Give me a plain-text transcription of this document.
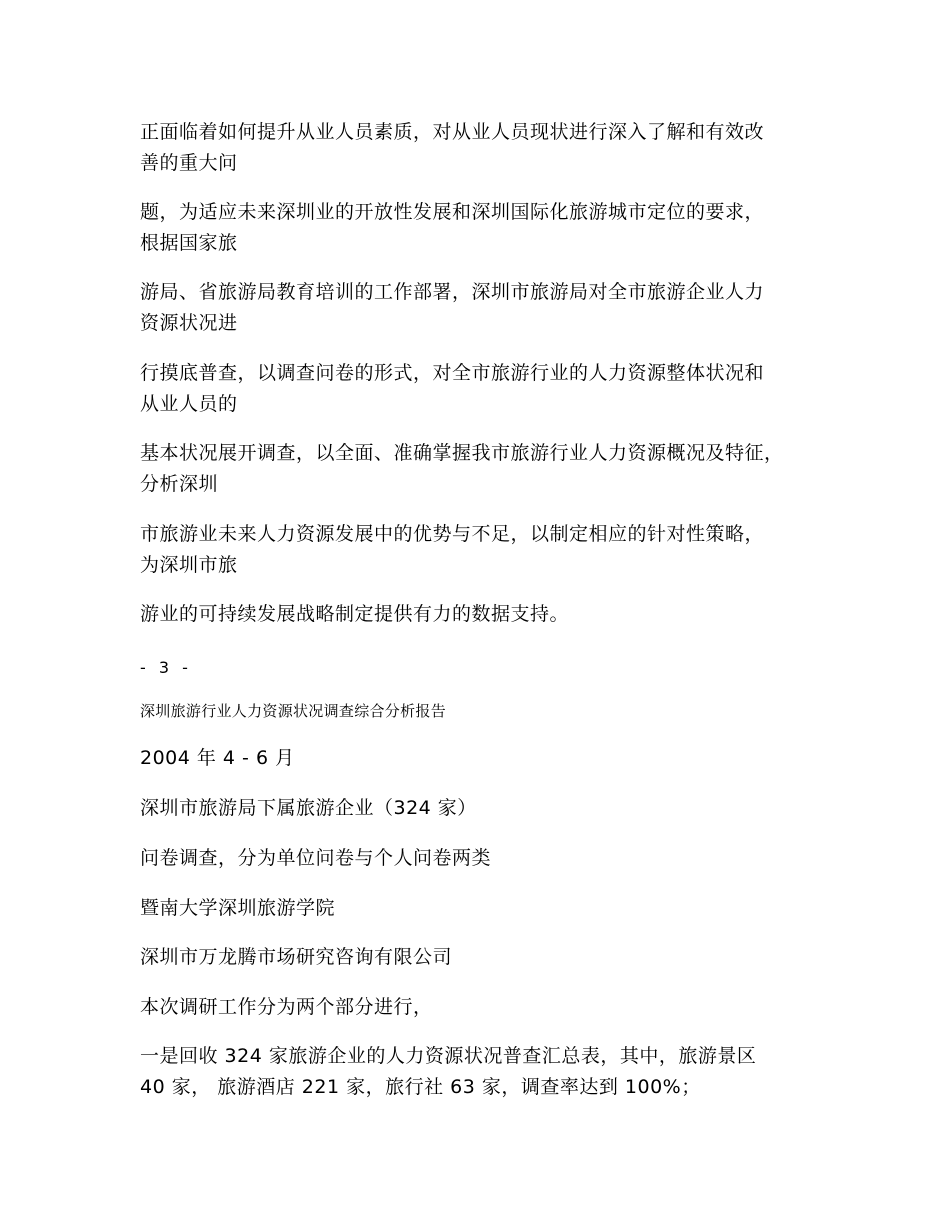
正面临着如何提升从业人员素质，对从业人员现状进行深入了解和有效改
善的重大问

题，为适应未来深圳业的开放性发展和深圳国际化旅游城市定位的要求，
根据国家旅

游局、省旅游局教育培训的工作部署，深圳市旅游局对全市旅游企业人力
资源状况进

行摸底普查，以调查问卷的形式，对全市旅游行业的人力资源整体状况和
从业人员的

基本状况展开调查，以全面、准确掌握我市旅游行业人力资源概况及特征，
分析深圳

市旅游业未来人力资源发展中的优势与不足，以制定相应的针对性策略，
为深圳市旅

游业的可持续发展战略制定提供有力的数据支持。

- 3 -

深圳旅游行业人力资源状况调查综合分析报告

2004 年 4 - 6 月

深圳市旅游局下属旅游企业（324 家）

问卷调查，分为单位问卷与个人问卷两类

暨南大学深圳旅游学院

深圳市万龙腾市场研究咨询有限公司

本次调研工作分为两个部分进行，

一是回收 324 家旅游企业的人力资源状况普查汇总表，其中，旅游景区
40 家， 旅游酒店 221 家，旅行社 63 家，调查率达到 100%；
